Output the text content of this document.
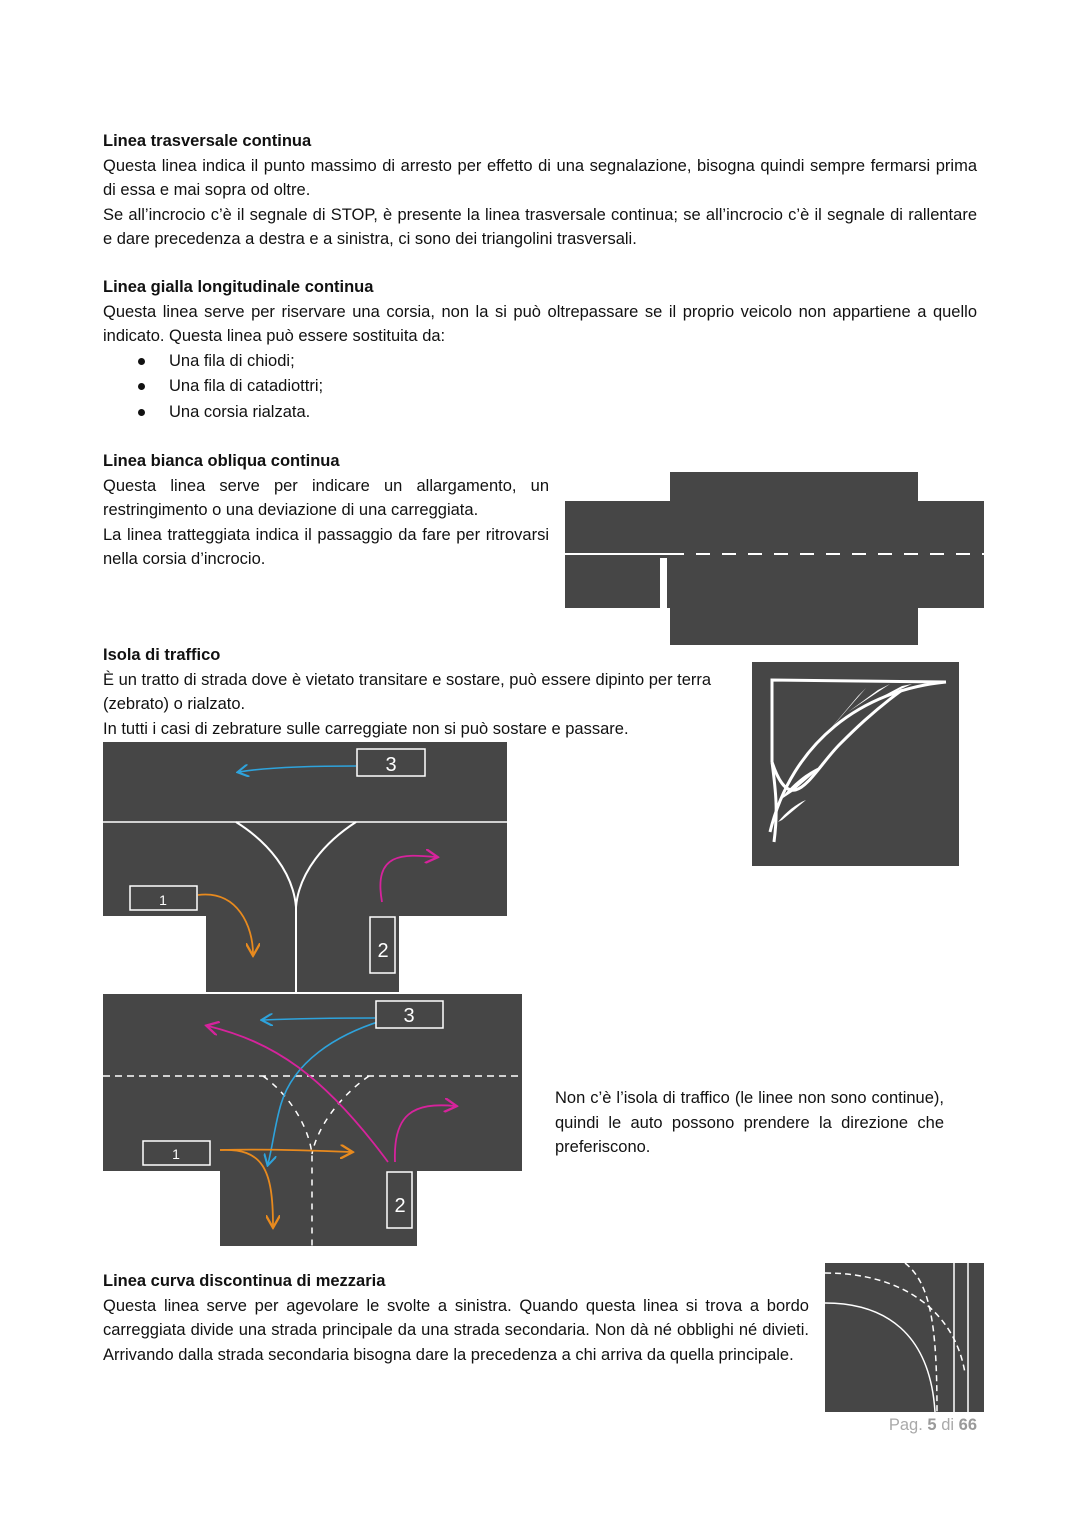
Linea trasversale continua

Questa linea indica il punto massimo di arresto per effetto di una segnalazione, bisogna quindi sempre fermarsi prima di essa e mai sopra od oltre.

Se all’incrocio c’è il segnale di STOP, è presente la linea trasversale continua; se all’incrocio c’è il segnale di rallentare e dare precedenza a destra e a sinistra, ci sono dei triangolini trasversali.

Linea gialla longitudinale continua

Questa linea serve per riservare una corsia, non la si può oltrepassare se il proprio veicolo non appartiene a quello indicato. Questa linea può essere sostituita da:

Una fila di chiodi;
Una fila di catadiottri;
Una corsia rialzata.
Linea bianca obliqua continua

Questa linea serve per indicare un allargamento, un restringimento o una deviazione di una carreggiata.

La linea tratteggiata indica il passaggio da fare per ritrovarsi nella corsia d’incrocio.

Isola di traffico

È un tratto di strada dove è vietato transitare e sostare, può essere dipinto per terra (zebrato) o rialzato.

In tutti i casi di zebrature sulle carreggiate non si può sostare e passare.

3
1
2
3
1
2

Non c’è l’isola di traffico (le linee non sono continue), quindi le auto possono prendere la direzione che preferiscono.

Linea curva discontinua di mezzaria

Questa linea serve per agevolare le svolte a sinistra. Quando questa linea si trova a bordo carreggiata divide una strada principale da una strada secondaria. Non dà né obblighi né divieti. Arrivando dalla strada secondaria bisogna dare la precedenza a chi arriva da quella principale.

Pag. 5 di 66
